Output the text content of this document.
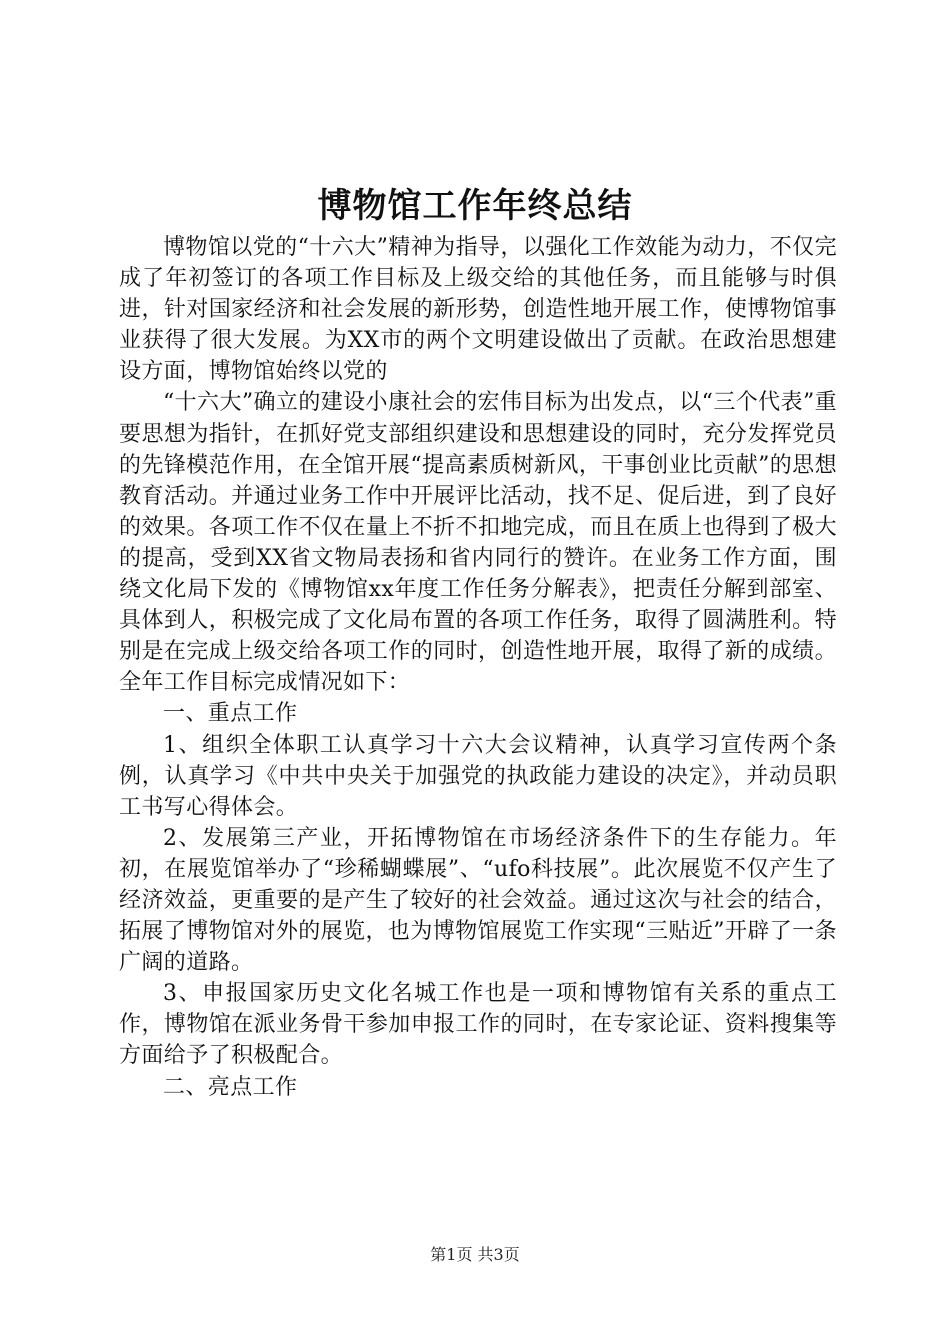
博物馆工作年终总结

博物馆以党的“十六大”精神为指导，以强化工作效能为动力，不仅完成了年初签订的各项工作目标及上级交给的其他任务，而且能够与时俱进，针对国家经济和社会发展的新形势，创造性地开展工作，使博物馆事业获得了很大发展。为XX市的两个文明建设做出了贡献。在政治思想建设方面，博物馆始终以党的

“十六大”确立的建设小康社会的宏伟目标为出发点，以“三个代表”重要思想为指针，在抓好党支部组织建设和思想建设的同时，充分发挥党员的先锋模范作用，在全馆开展“提高素质树新风，干事创业比贡献”的思想教育活动。并通过业务工作中开展评比活动，找不足、促后进，到了良好的效果。各项工作不仅在量上不折不扣地完成，而且在质上也得到了极大的提高，受到XX省文物局表扬和省内同行的赞许。在业务工作方面，围绕文化局下发的《博物馆xx年度工作任务分解表》，把责任分解到部室、具体到人，积极完成了文化局布置的各项工作任务，取得了圆满胜利。特别是在完成上级交给各项工作的同时，创造性地开展，取得了新的成绩。全年工作目标完成情况如下：

一、重点工作

1、组织全体职工认真学习十六大会议精神，认真学习宣传两个条例，认真学习《中共中央关于加强党的执政能力建设的决定》，并动员职工书写心得体会。

2、发展第三产业，开拓博物馆在市场经济条件下的生存能力。年初，在展览馆举办了“珍稀蝴蝶展”、“ufo科技展”。此次展览不仅产生了经济效益，更重要的是产生了较好的社会效益。通过这次与社会的结合，拓展了博物馆对外的展览，也为博物馆展览工作实现“三贴近”开辟了一条广阔的道路。

3、申报国家历史文化名城工作也是一项和博物馆有关系的重点工作，博物馆在派业务骨干参加申报工作的同时，在专家论证、资料搜集等方面给予了积极配合。

二、亮点工作

第1页 共3页
